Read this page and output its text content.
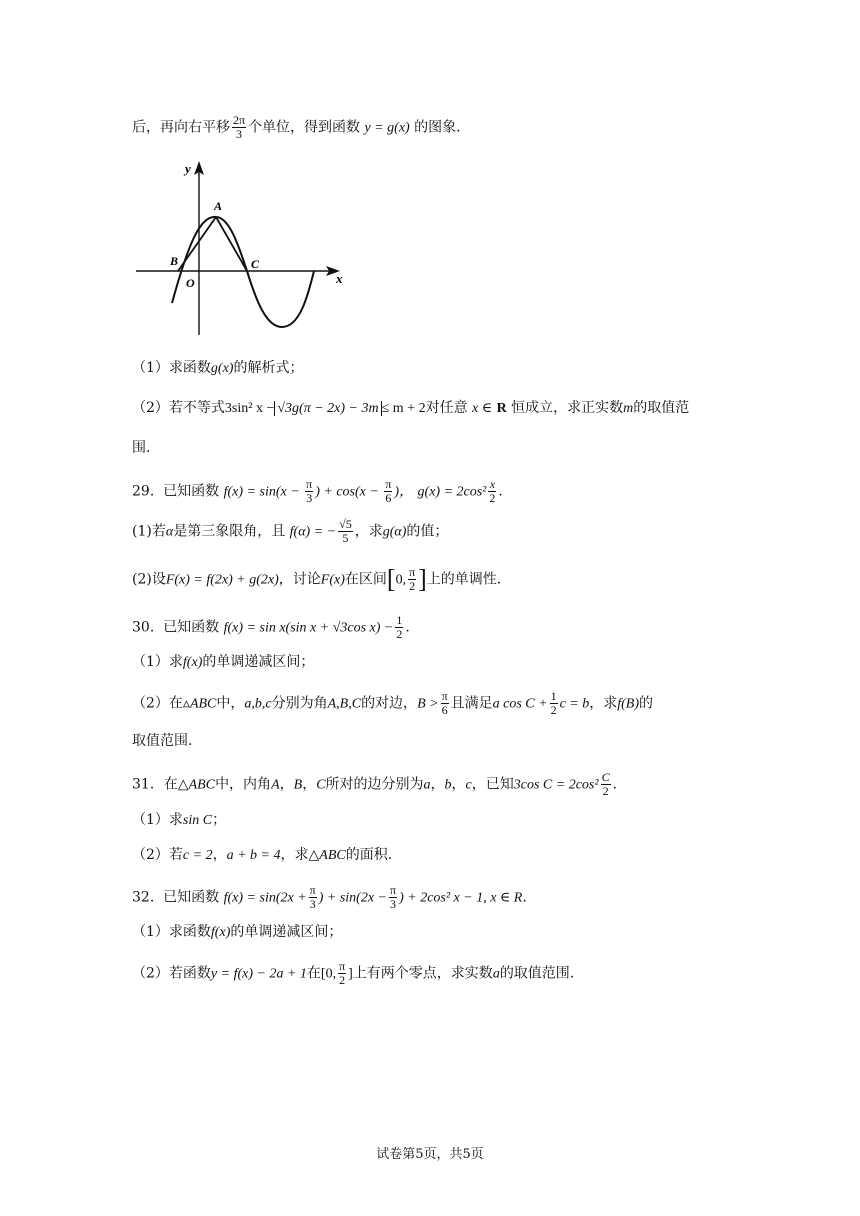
后，再向右平移 $\frac{2\pi}{3}$ 个单位，得到函数 y = g(x) 的图象.
y
x
A
B	C
O
（1）求函数g(x)的解析式；
（2）若不等式3sin² x − √3g(π − 2x) − 3m ≤ m + 2对任意 x ∈ R 恒成立，求正实数m的取值范
围.
29. 已知函数 $f(x) = \sin(x - \frac{\pi}{3}$ ) + $\cos(x - \frac{\pi}{6}$ )， $g(x) = 2\cos^2 \frac{x}{2}$ .
(1)若α是第三象限角，且 f(α) = − $\frac{√5}{5}$ ，求g(α)的值；
(2)设F(x) = f(2x) + g(2x)，讨论F(x)在区间[0, $\frac{\pi}{2}$ ]上的单调性.
30. 已知函数 f(x) = sin x(sin x + √3cos $x) - \frac{1}{2}$ .
（1）求f(x)的单调递减区间；
（2）在▵ABC中，a,b,c分别为角A,B,C的对边，$B > \frac{\pi}{6}$ 且满足a $\cos C + \frac{1}{2}$ c = b，求f(B)的
取值范围.
31．在△ABC中，内角A，B，C所对的边分别为a，b，c，已知3cos $C = 2\cos^2 \frac{C}{2}$ .
（1）求sin C；
（2）若c = 2，a + b = 4，求△ABC的面积.
32. 已知函数 $f(x) = \sin(2x + \frac{\pi}{3}$ ) + $\sin(2x - \frac{\pi}{3}$ ) + 2cos² x − 1, x ∈ R.
（1）求函数f(x)的单调递减区间；
（2）若函数y = f(x) − 2a + 1在[0, $\frac{\pi}{2}$ ]上有两个零点，求实数a的取值范围.
试卷第5页，共5页
